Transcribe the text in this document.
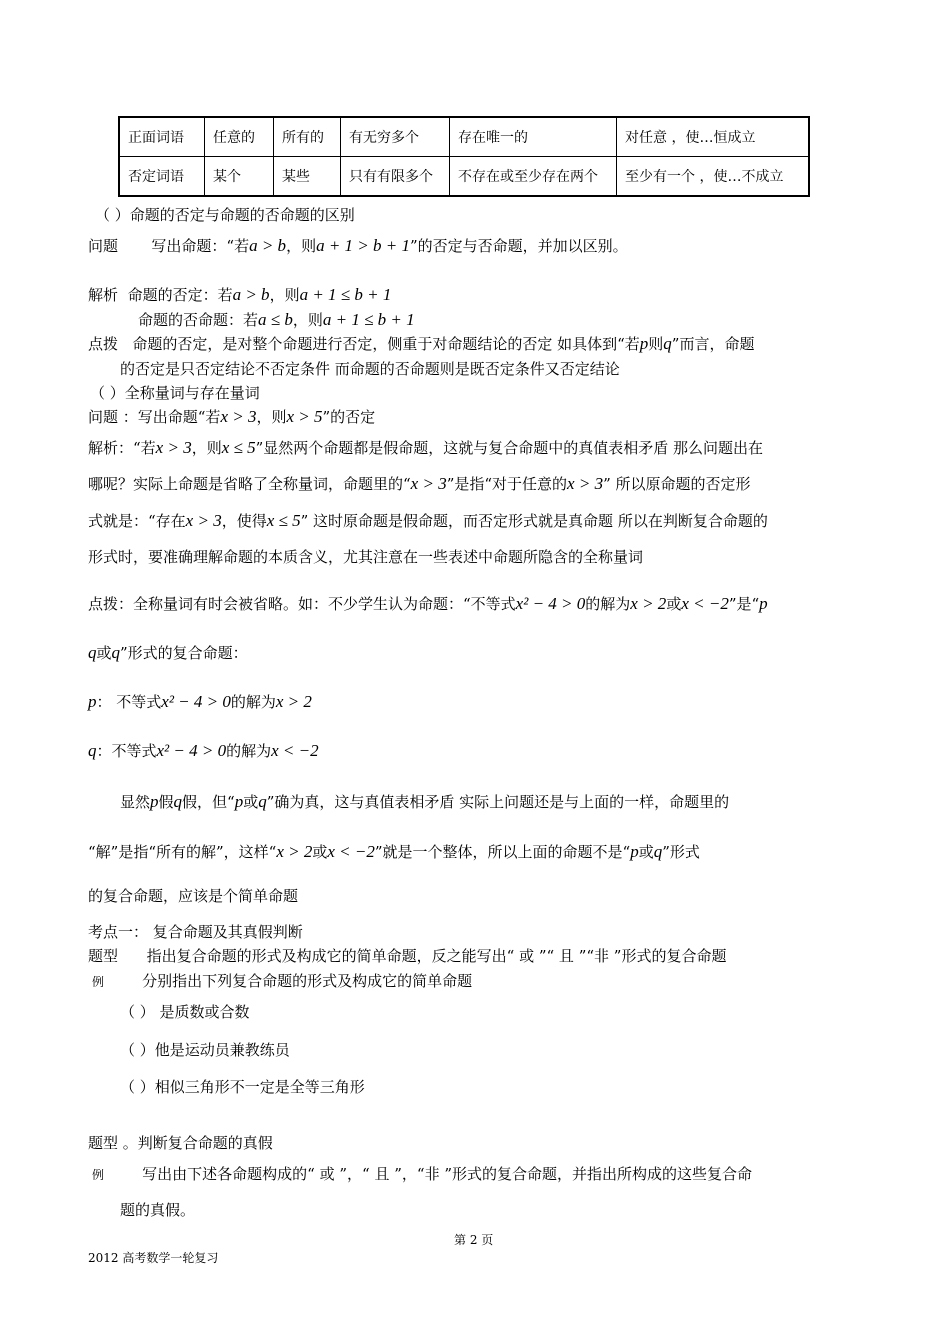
正面词语	任意的	所有的	有无穷多个	存在唯一的	对任意 ，使…恒成立
否定词语	某个	某些	只有有限多个	不存在或至少存在两个	至少有一个 ，使…不成立
（ ）命题的否定与命题的否命题的区别
问题 写出命题：“若a > b，则a + 1 > b + 1”的否定与否命题，并加以区别。
解析 命题的否定：若a > b，则a + 1 ≤ b + 1
命题的否命题：若a ≤ b，则a + 1 ≤ b + 1
点拨 命题的否定，是对整个命题进行否定，侧重于对命题结论的否定 如具体到“若p则q”而言，命题
的否定是只否定结论不否定条件 而命题的否命题则是既否定条件又否定结论
（ ）全称量词与存在量词
问题 ：写出命题“若x > 3，则x > 5”的否定
解析：“若x > 3，则x ≤ 5”显然两个命题都是假命题，这就与复合命题中的真值表相矛盾 那么问题出在
哪呢？实际上命题是省略了全称量词，命题里的“x > 3”是指“对于任意的x > 3” 所以原命题的否定形
式就是：“存在x > 3，使得x ≤ 5” 这时原命题是假命题，而否定形式就是真命题 所以在判断复合命题的
形式时，要准确理解命题的本质含义，尤其注意在一些表述中命题所隐含的全称量词
点拨：全称量词有时会被省略。如：不少学生认为命题：“不等式x² − 4 > 0的解为x > 2或x < −2”是“p
q或q”形式的复合命题：
p： 不等式x² − 4 > 0的解为x > 2
q：不等式x² − 4 > 0的解为x < −2
显然p假q假，但“p或q”确为真，这与真值表相矛盾 实际上问题还是与上面的一样，命题里的
“解”是指“所有的解”，这样“x > 2或x < −2”就是一个整体，所以上面的命题不是“p或q”形式
的复合命题，应该是个简单命题
考点一： 复合命题及其真假判断
题型 指出复合命题的形式及构成它的简单命题，反之能写出“ 或 ”“ 且 ”“非 ”形式的复合命题
例	分别指出下列复合命题的形式及构成它的简单命题
（ ） 是质数或合数
（ ）他是运动员兼教练员
（ ）相似三角形不一定是全等三角形
题型 。判断复合命题的真假
例	写出由下述各命题构成的“ 或 ”，“ 且 ”，“非 ”形式的复合命题，并指出所构成的这些复合命
题的真假。
第 2 页
2012 高考数学一轮复习
